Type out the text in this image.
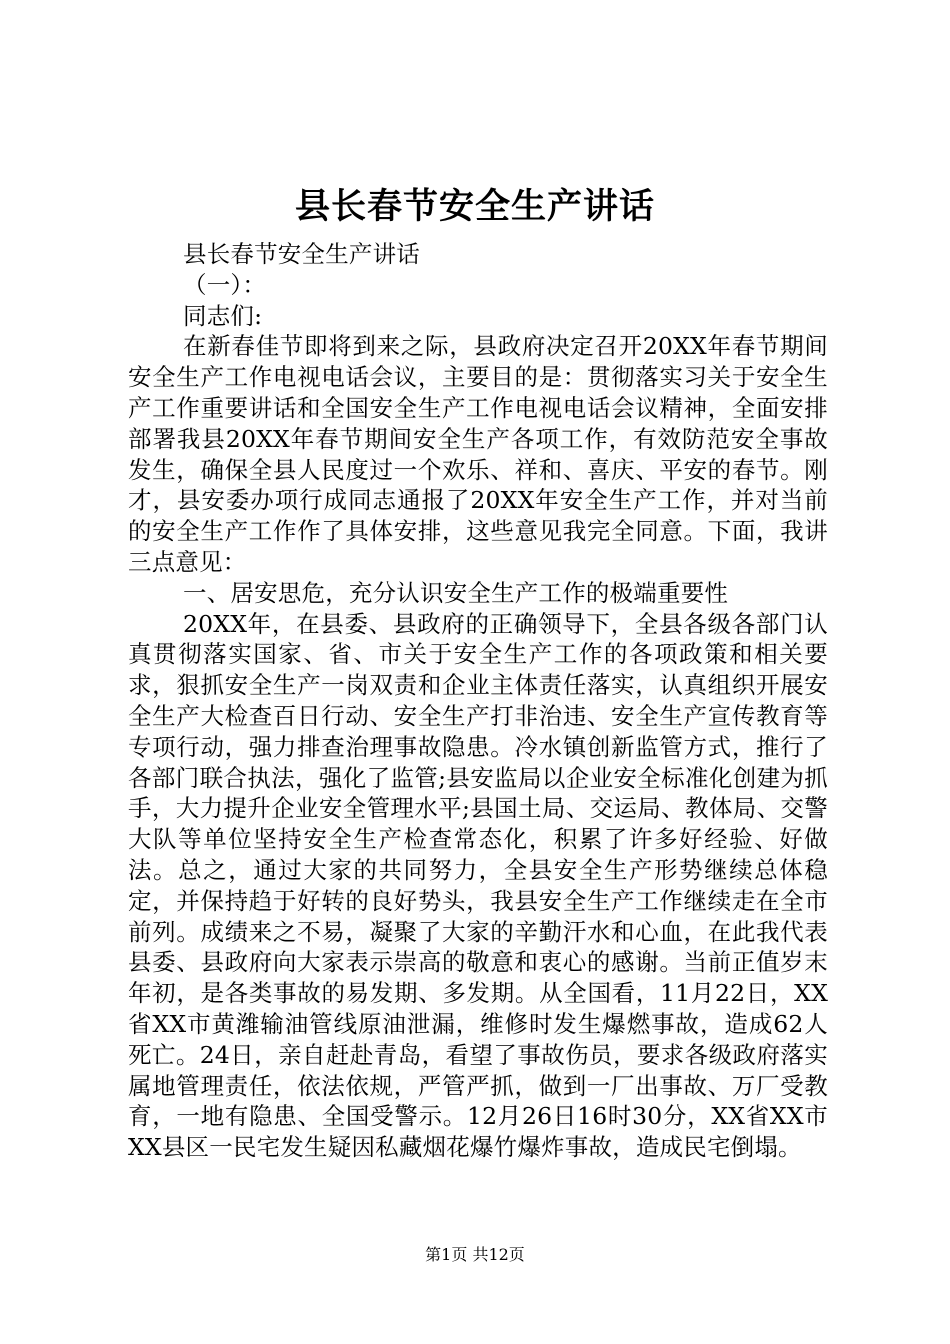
县长春节安全生产讲话

县长春节安全生产讲话

（一）：

同志们:

在新春佳节即将到来之际，县政府决定召开20XX年春节期间安全生产工作电视电话会议，主要目的是：贯彻落实习关于安全生产工作重要讲话和全国安全生产工作电视电话会议精神，全面安排部署我县20XX年春节期间安全生产各项工作，有效防范安全事故发生，确保全县人民度过一个欢乐、祥和、喜庆、平安的春节。刚才，县安委办项行成同志通报了20XX年安全生产工作，并对当前的安全生产工作作了具体安排，这些意见我完全同意。下面，我讲三点意见：

一、居安思危，充分认识安全生产工作的极端重要性

20XX年，在县委、县政府的正确领导下，全县各级各部门认真贯彻落实国家、省、市关于安全生产工作的各项政策和相关要求，狠抓安全生产一岗双责和企业主体责任落实，认真组织开展安全生产大检查百日行动、安全生产打非治违、安全生产宣传教育等专项行动，强力排查治理事故隐患。冷水镇创新监管方式，推行了各部门联合执法，强化了监管;县安监局以企业安全标准化创建为抓手，大力提升企业安全管理水平;县国土局、交运局、教体局、交警大队等单位坚持安全生产检查常态化，积累了许多好经验、好做法。总之，通过大家的共同努力，全县安全生产形势继续总体稳定，并保持趋于好转的良好势头，我县安全生产工作继续走在全市前列。成绩来之不易，凝聚了大家的辛勤汗水和心血，在此我代表县委、县政府向大家表示崇高的敬意和衷心的感谢。当前正值岁末年初，是各类事故的易发期、多发期。从全国看，11月22日，XX省XX市黄潍输油管线原油泄漏，维修时发生爆燃事故，造成62人死亡。24日，亲自赶赴青岛，看望了事故伤员，要求各级政府落实属地管理责任，依法依规，严管严抓，做到一厂出事故、万厂受教育，一地有隐患、全国受警示。12月26日16时30分，XX省XX市XX县区一民宅发生疑因私藏烟花爆竹爆炸事故，造成民宅倒塌。

第1页 共12页
